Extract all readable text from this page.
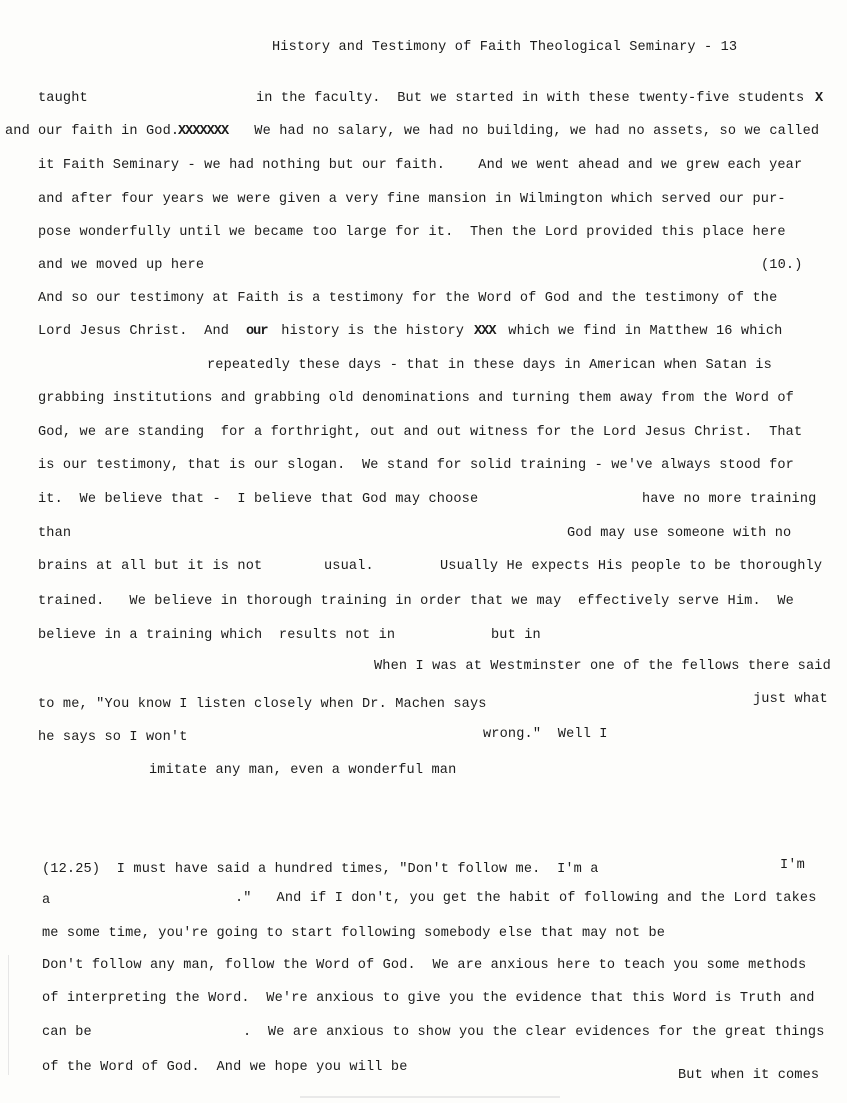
History and Testimony of Faith Theological Seminary - 13
taught	in the faculty.  But we started in with these twenty-five students X
and our faith in God.
XXXXXXX We had no salary, we had no building, we had no assets, so we called
it Faith Seminary - we had nothing but our faith.    And we went ahead and we grew each year
and after four years we were given a very fine mansion in Wilmington which served our pur-
pose wonderfully until we became too large for it.  Then the Lord provided this place here
and we moved up here	(10.)
And so our testimony at Faith is a testimony for the Word of God and the testimony of the
Lord Jesus Christ.  And our history is the history XXX which we find in Matthew 16 which
repeatedly these days - that in these days in American when Satan is
grabbing institutions and grabbing old denominations and turning them away from the Word of
God, we are standing  for a forthright, out and out witness for the Lord Jesus Christ.  That
is our testimony, that is our slogan.  We stand for solid training - we've always stood for
it.  We believe that -  I believe that God may choose	have no more training
than	God may use someone with no
brains at all but it is not	usual.	Usually He expects His people to be thoroughly
trained.   We believe in thorough training in order that we may  effectively serve Him.  We
believe in a training which  results not in	but in
When I was at Westminster one of the fellows there said
to me, "You know I listen closely when Dr. Machen says	just what
he says so I won't	wrong."  Well I
imitate any man, even a wonderful man
(12.25)  I must have said a hundred times, "Don't follow me.  I'm a	I'm
a	."   And if I don't, you get the habit of following and the Lord takes
me some time, you're going to start following somebody else that may not be
Don't follow any man, follow the Word of God.  We are anxious here to teach you some methods
of interpreting the Word.  We're anxious to give you the evidence that this Word is Truth and
can be	.  We are anxious to show you the clear evidences for the great things
of the Word of God.  And we hope you will be
But when it comes
